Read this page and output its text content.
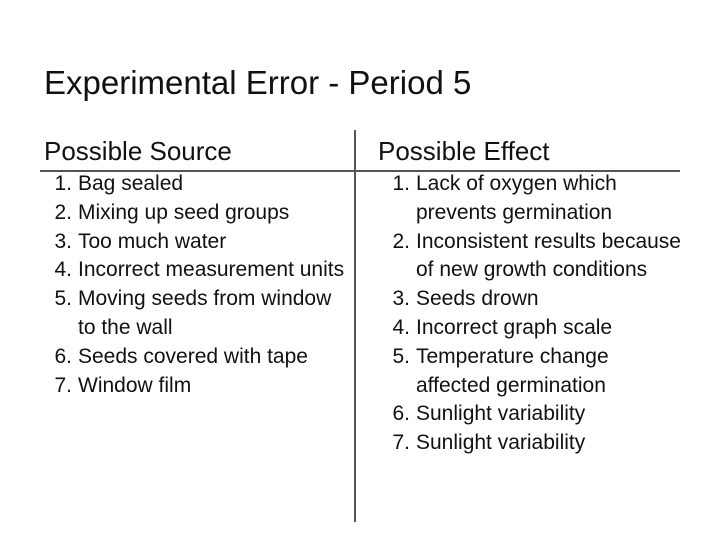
Experimental Error - Period 5
Possible Source	Possible Effect
1. Bag sealed
2. Mixing up seed groups
3. Too much water
4. Incorrect measurement units
5. Moving seeds from window to the wall
6. Seeds covered with tape
7. Window film
1. Lack of oxygen which prevents germination
2. Inconsistent results because of new growth conditions
3. Seeds drown
4. Incorrect graph scale
5. Temperature change affected germination
6. Sunlight variability
7. Sunlight variability
